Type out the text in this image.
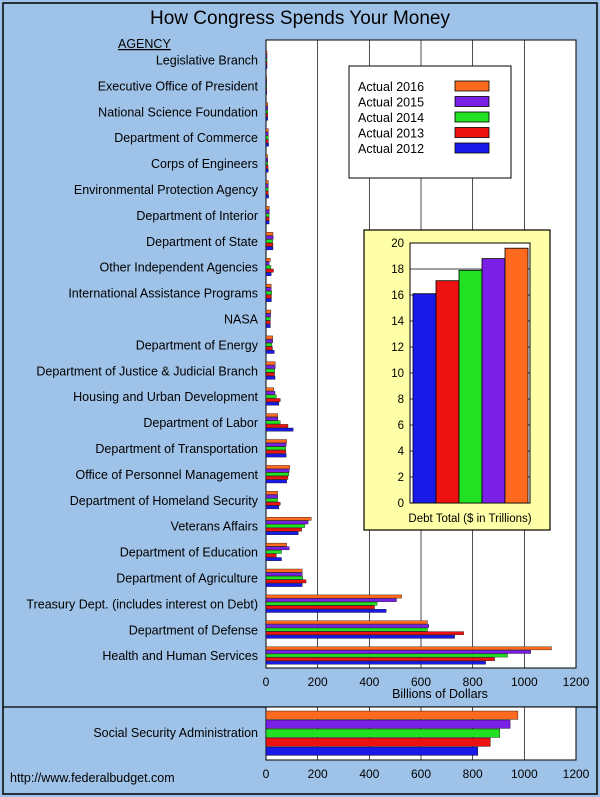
How Congress Spends Your Money
AGENCY
Legislative Branch
Executive Office of President
National Science Foundation
Department of Commerce
Corps of Engineers
Environmental Protection Agency
Department of Interior
Department of State
Other Independent Agencies
International Assistance Programs
NASA
Department of Energy
Department of Justice & Judicial Branch
Housing and Urban Development
Department of Labor
Department of Transportation
Office of Personnel Management
Department of Homeland Security
Veterans Affairs
Department of Education
Department of Agriculture
Treasury Dept. (includes interest on Debt)
Department of Defense
Health and Human Services
0	200	400	600	800 1000 1200
Billions of Dollars
Actual 2016
Actual 2015
Actual 2014
Actual 2013
Actual 2012
0
2
4
6
8
10
12
14
16
18
20
Debt Total ($ in Trillions)
Social Security Administration
0	200	400	600	800 1000 1200
http://www.federalbudget.com
